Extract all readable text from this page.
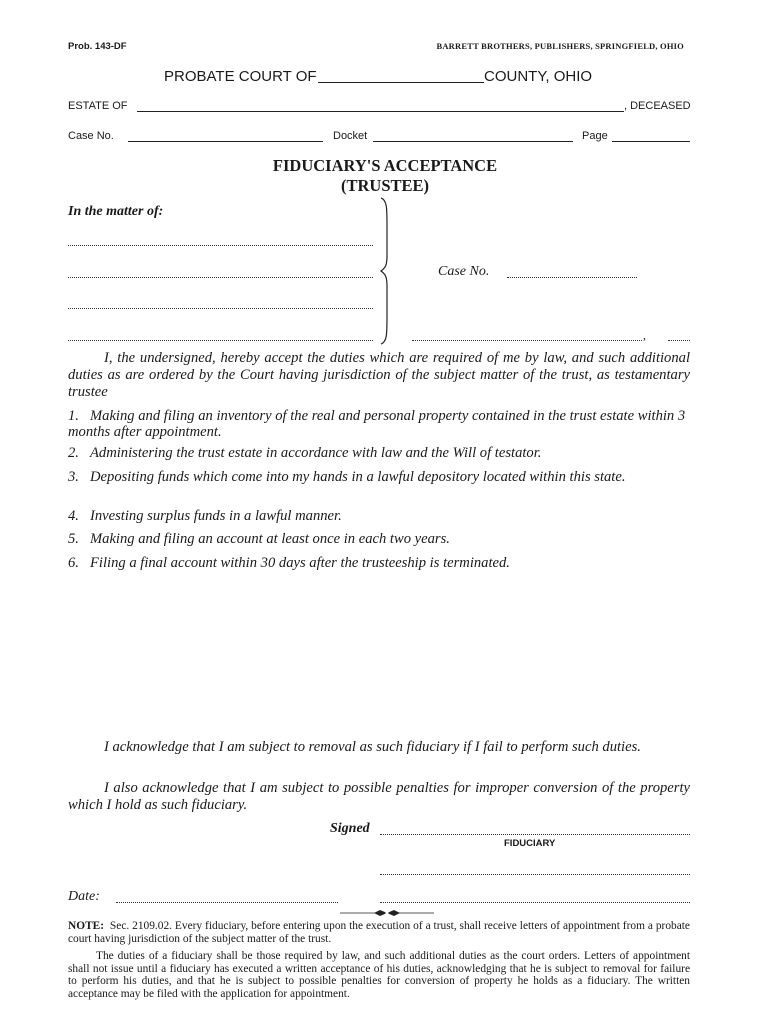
Prob. 143-DF	BARRETT BROTHERS, PUBLISHERS, SPRINGFIELD, OHIO
PROBATE COURT OF	COUNTY, OHIO
ESTATE OF	, DECEASED
Case No.	Docket	Page
FIDUCIARY'S ACCEPTANCE
(TRUSTEE)
In the matter of:
Case No.
,
I, the undersigned, hereby accept the duties which are required of me by law, and such additional duties as are ordered by the Court having jurisdiction of the subject matter of the trust, as testamentary trustee
1. Making and filing an inventory of the real and personal property contained in the trust estate within 3 months after appointment.
2. Administering the trust estate in accordance with law and the Will of testator.
3. Depositing funds which come into my hands in a lawful depository located within this state.
4. Investing surplus funds in a lawful manner.
5. Making and filing an account at least once in each two years.
6. Filing a final account within 30 days after the trusteeship is terminated.
I acknowledge that I am subject to removal as such fiduciary if I fail to perform such duties.
I also acknowledge that I am subject to possible penalties for improper conversion of the property which I hold as such fiduciary.
Signed
FIDUCIARY
Date:
NOTE: Sec. 2109.02. Every fiduciary, before entering upon the execution of a trust, shall receive letters of appointment from a probate court having jurisdiction of the subject matter of the trust.
The duties of a fiduciary shall be those required by law, and such additional duties as the court orders. Letters of appointment shall not issue until a fiduciary has executed a written acceptance of his duties, acknowledging that he is subject to removal for failure to perform his duties, and that he is subject to possible penalties for conversion of property he holds as a fiduciary. The written acceptance may be filed with the application for appointment.
